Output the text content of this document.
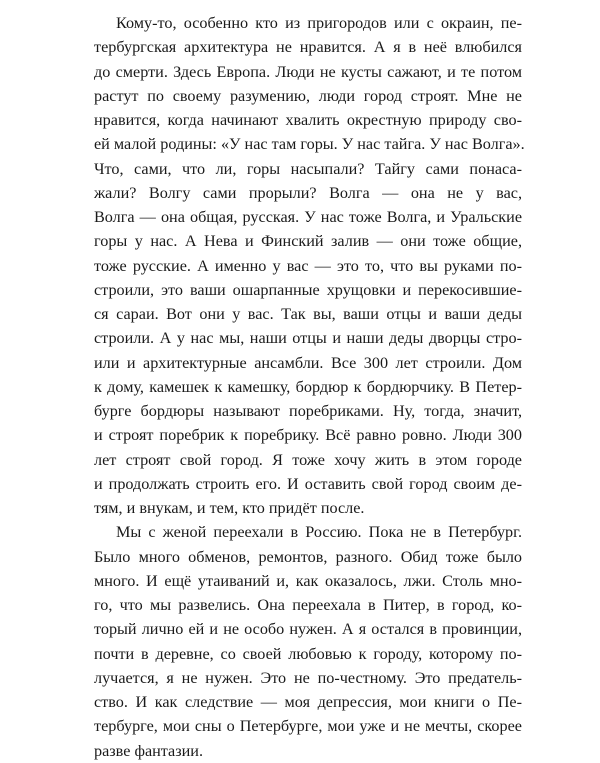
Кому-то, особенно кто из пригородов или с окраин, пе-
тербургская архитектура не нравится. А я в неё влюбился
до смерти. Здесь Европа. Люди не кусты сажают, и те потом
растут по своему разумению, люди город строят. Мне не
нравится, когда начинают хвалить окрестную природу сво-
ей малой родины: «У нас там горы. У нас тайга. У нас Волга».
Что, сами, что ли, горы насыпали? Тайгу сами понаса-
жали? Волгу сами прорыли? Волга — она не у вас,
Волга — она общая, русская. У нас тоже Волга, и Уральские
горы у нас. А Нева и Финский залив — они тоже общие,
тоже русские. А именно у вас — это то, что вы руками по-
строили, это ваши ошарпанные хрущовки и перекосившие-
ся сараи. Вот они у вас. Так вы, ваши отцы и ваши деды
строили. А у нас мы, наши отцы и наши деды дворцы стро-
или и архитектурные ансамбли. Все 300 лет строили. Дом
к дому, камешек к камешку, бордюр к бордюрчику. В Петер-
бурге бордюры называют поребриками. Ну, тогда, значит,
и строят поребрик к поребрику. Всё равно ровно. Люди 300
лет строят свой город. Я тоже хочу жить в этом городе
и продолжать строить его. И оставить свой город своим де-
тям, и внукам, и тем, кто придёт после.
Мы с женой переехали в Россию. Пока не в Петербург.
Было много обменов, ремонтов, разного. Обид тоже было
много. И ещё утаиваний и, как оказалось, лжи. Столь мно-
го, что мы развелись. Она переехала в Питер, в город, ко-
торый лично ей и не особо нужен. А я остался в провинции,
почти в деревне, со своей любовью к городу, которому по-
лучается, я не нужен. Это не по-честному. Это предатель-
ство. И как следствие — моя депрессия, мои книги о Пе-
тербурге, мои сны о Петербурге, мои уже и не мечты, скорее
разве фантазии.
